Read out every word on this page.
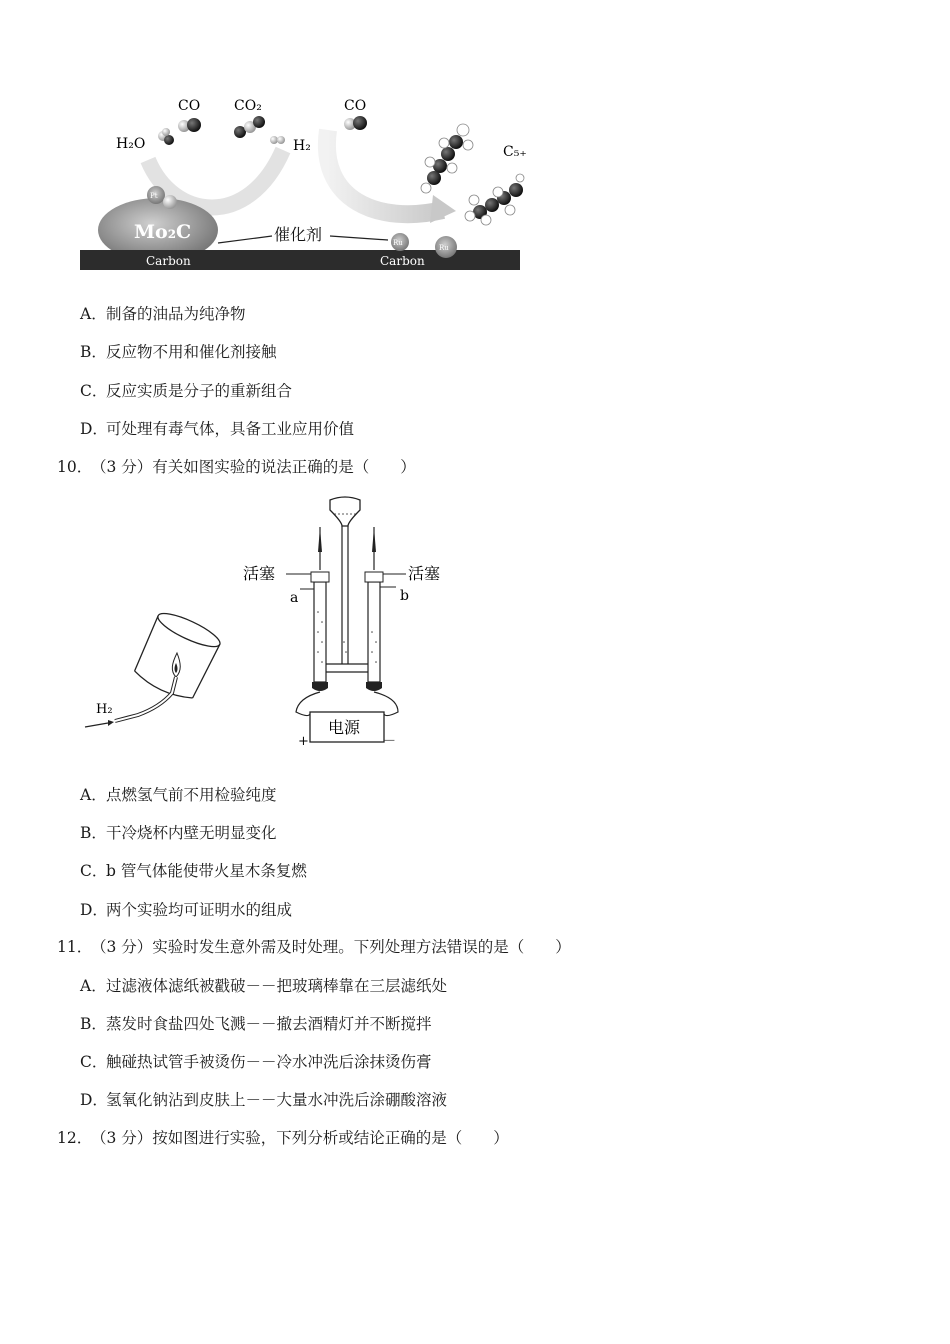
Mo₂C
Pt
Carbon	Carbon
Ru
Ru
催化剂
H₂O
CO CO₂
H₂
CO
C₅₊
A．制备的油品为纯净物
B．反应物不用和催化剂接触
C．反应实质是分子的重新组合
D．可处理有毒气体，具备工业应用价值
10．（3 分）有关如图实验的说法正确的是（　　）
H₂
活塞	活塞
a	b
电源
+	－
A．点燃氢气前不用检验纯度
B．干冷烧杯内壁无明显变化
C．b 管气体能使带火星木条复燃
D．两个实验均可证明水的组成
11．（3 分）实验时发生意外需及时处理。下列处理方法错误的是（　　）
A．过滤液体滤纸被戳破－－把玻璃棒靠在三层滤纸处
B．蒸发时食盐四处飞溅－－撤去酒精灯并不断搅拌
C．触碰热试管手被烫伤－－冷水冲洗后涂抹烫伤膏
D．氢氧化钠沾到皮肤上－－大量水冲洗后涂硼酸溶液
12．（3 分）按如图进行实验，下列分析或结论正确的是（　　）
